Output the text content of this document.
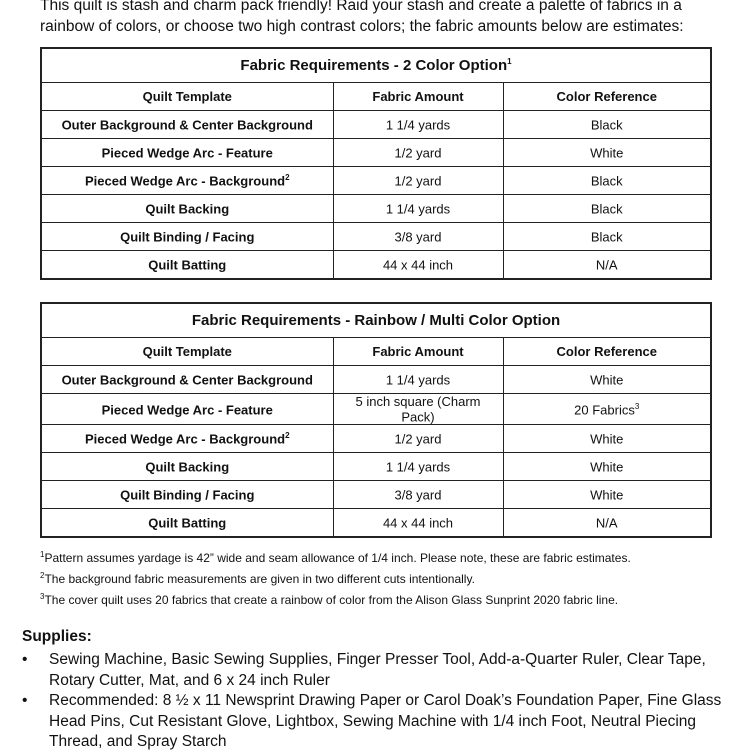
This quilt is stash and charm pack friendly! Raid your stash and create a palette of fabrics in a rainbow of colors, or choose two high contrast colors; the fabric amounts below are estimates:
Fabric Requirements - 2 Color Option$^1$
Quilt Template	Fabric Amount	Color Reference
Outer Background & Center Background	1 1/4 yards	Black
Pieced Wedge Arc - Feature	1/2 yard	White
Pieced Wedge Arc - Background$^2$	1/2 yard	Black
Quilt Backing	1 1/4 yards	Black
Quilt Binding / Facing	3/8 yard	Black
Quilt Batting	44 x 44 inch	N/A
Fabric Requirements - Rainbow / Multi Color Option		
Quilt Template	Fabric Amount	Color Reference
Outer Background & Center Background	1 1/4 yards	White
Pieced Wedge Arc - Feature	5 inch square (Charm Pack)	20 Fabrics$^3$
Pieced Wedge Arc - Background$^2$	1/2 yard	White
Quilt Backing	1 1/4 yards	White
Quilt Binding / Facing	3/8 yard	White
Quilt Batting	44 x 44 inch	N/A
$^1$Pattern assumes yardage is 42” wide and seam allowance of 1/4 inch. Please note, these are fabric estimates.
$^2$The background fabric measurements are given in two different cuts intentionally.
$^3$The cover quilt uses 20 fabrics that create a rainbow of color from the Alison Glass Sunprint 2020 fabric line.
Supplies:
• Sewing Machine, Basic Sewing Supplies, Finger Presser Tool, Add-a-Quarter Ruler, Clear Tape, Rotary Cutter, Mat, and 6 x 24 inch Ruler
• Recommended: 8 ½ x 11 Newsprint Drawing Paper or Carol Doak’s Foundation Paper, Fine Glass Head Pins, Cut Resistant Glove, Lightbox, Sewing Machine with 1/4 inch Foot, Neutral Piecing Thread, and Spray Starch
